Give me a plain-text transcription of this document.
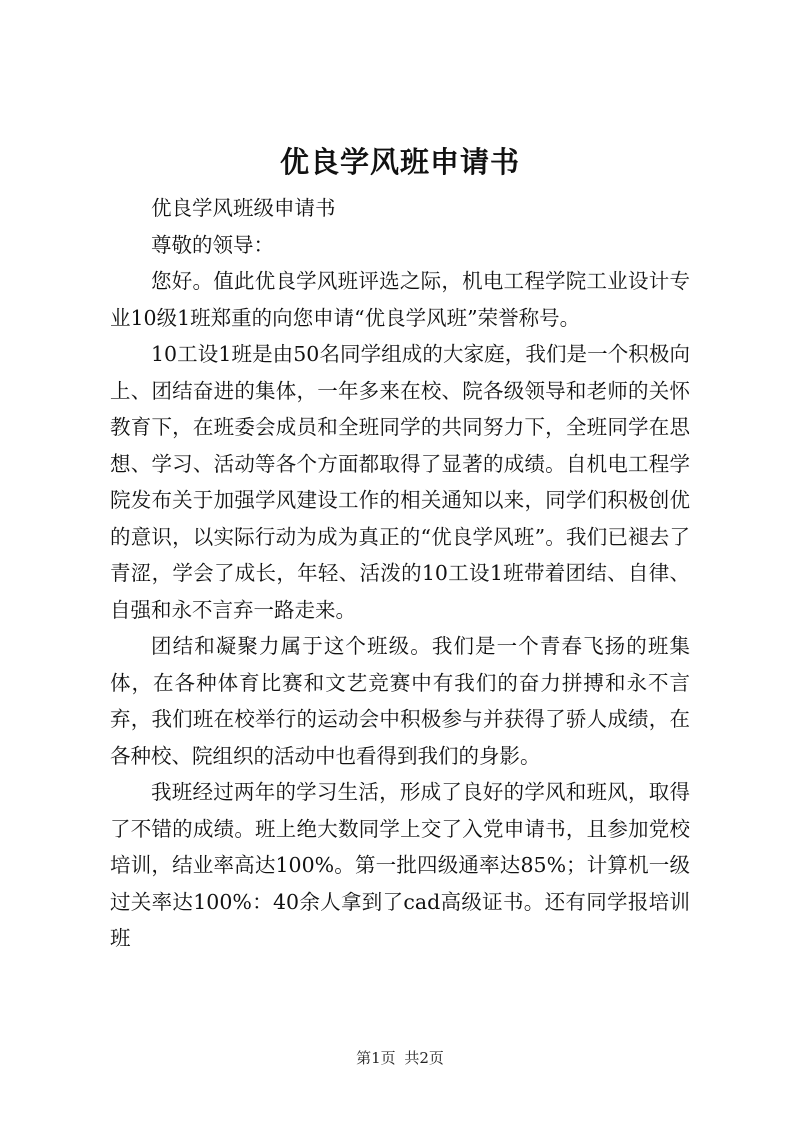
优良学风班申请书

优良学风班级申请书

尊敬的领导：

您好。值此优良学风班评选之际，机电工程学院工业设计专业10级1班郑重的向您申请“优良学风班”荣誉称号。

10工设1班是由50名同学组成的大家庭，我们是一个积极向上、团结奋进的集体，一年多来在校、院各级领导和老师的关怀教育下，在班委会成员和全班同学的共同努力下，全班同学在思想、学习、活动等各个方面都取得了显著的成绩。自机电工程学院发布关于加强学风建设工作的相关通知以来，同学们积极创优的意识，以实际行动为成为真正的“优良学风班”。我们已褪去了青涩，学会了成长，年轻、活泼的10工设1班带着团结、自律、自强和永不言弃一路走来。

团结和凝聚力属于这个班级。我们是一个青春飞扬的班集体，在各种体育比赛和文艺竞赛中有我们的奋力拼搏和永不言弃，我们班在校举行的运动会中积极参与并获得了骄人成绩，在各种校、院组织的活动中也看得到我们的身影。

我班经过两年的学习生活，形成了良好的学风和班风，取得了不错的成绩。班上绝大数同学上交了入党申请书，且参加党校培训，结业率高达100%。第一批四级通率达85%；计算机一级过关率达100%：40余人拿到了cad高级证书。还有同学报培训班

第1页 共2页
